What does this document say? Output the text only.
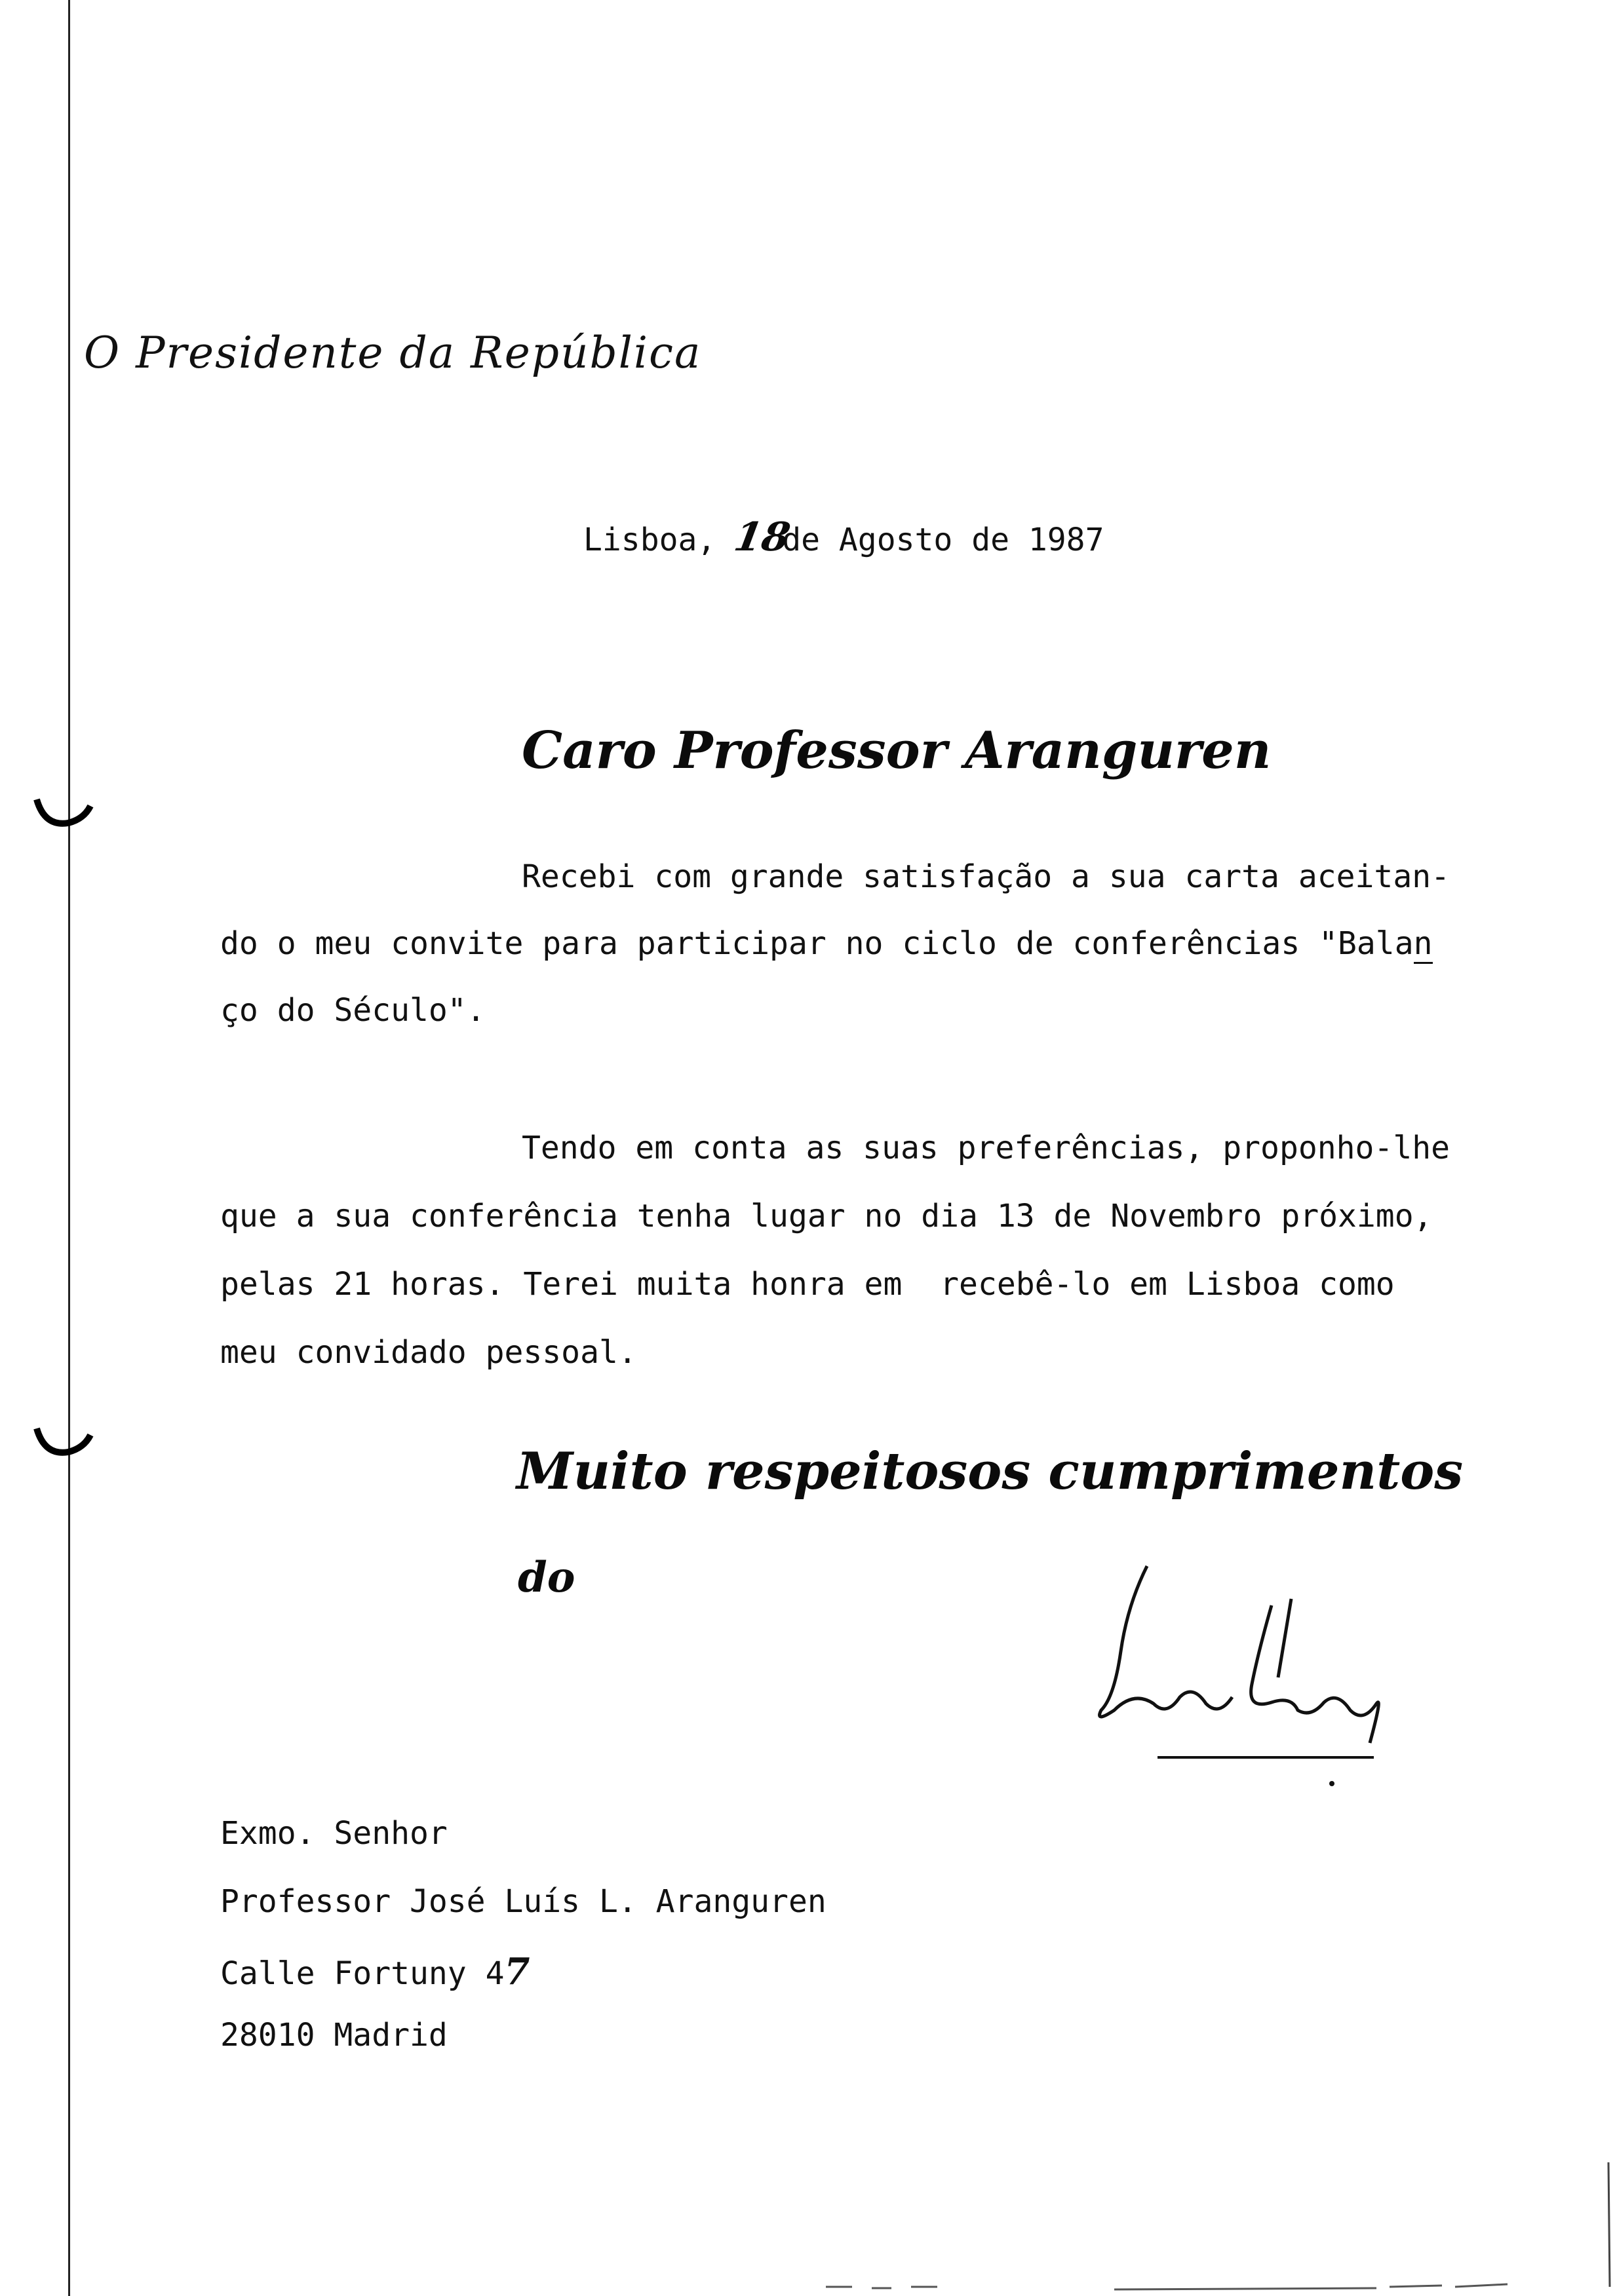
O Presidente da República
Lisboa, 18de Agosto de 1987
Caro Professor Aranguren
Recebi com grande satisfação a sua carta aceitan-
do o meu convite para participar no ciclo de conferências "Balan
ço do Século".
Tendo em conta as suas preferências, proponho-lhe
que a sua conferência tenha lugar no dia 13 de Novembro próximo,
pelas 21 horas. Terei muita honra em  recebê-lo em Lisboa como
meu convidado pessoal.
Muito respeitosos cumprimentos
do
Exmo. Senhor
Professor José Luís L. Aranguren
Calle Fortuny 47
28010 Madrid
